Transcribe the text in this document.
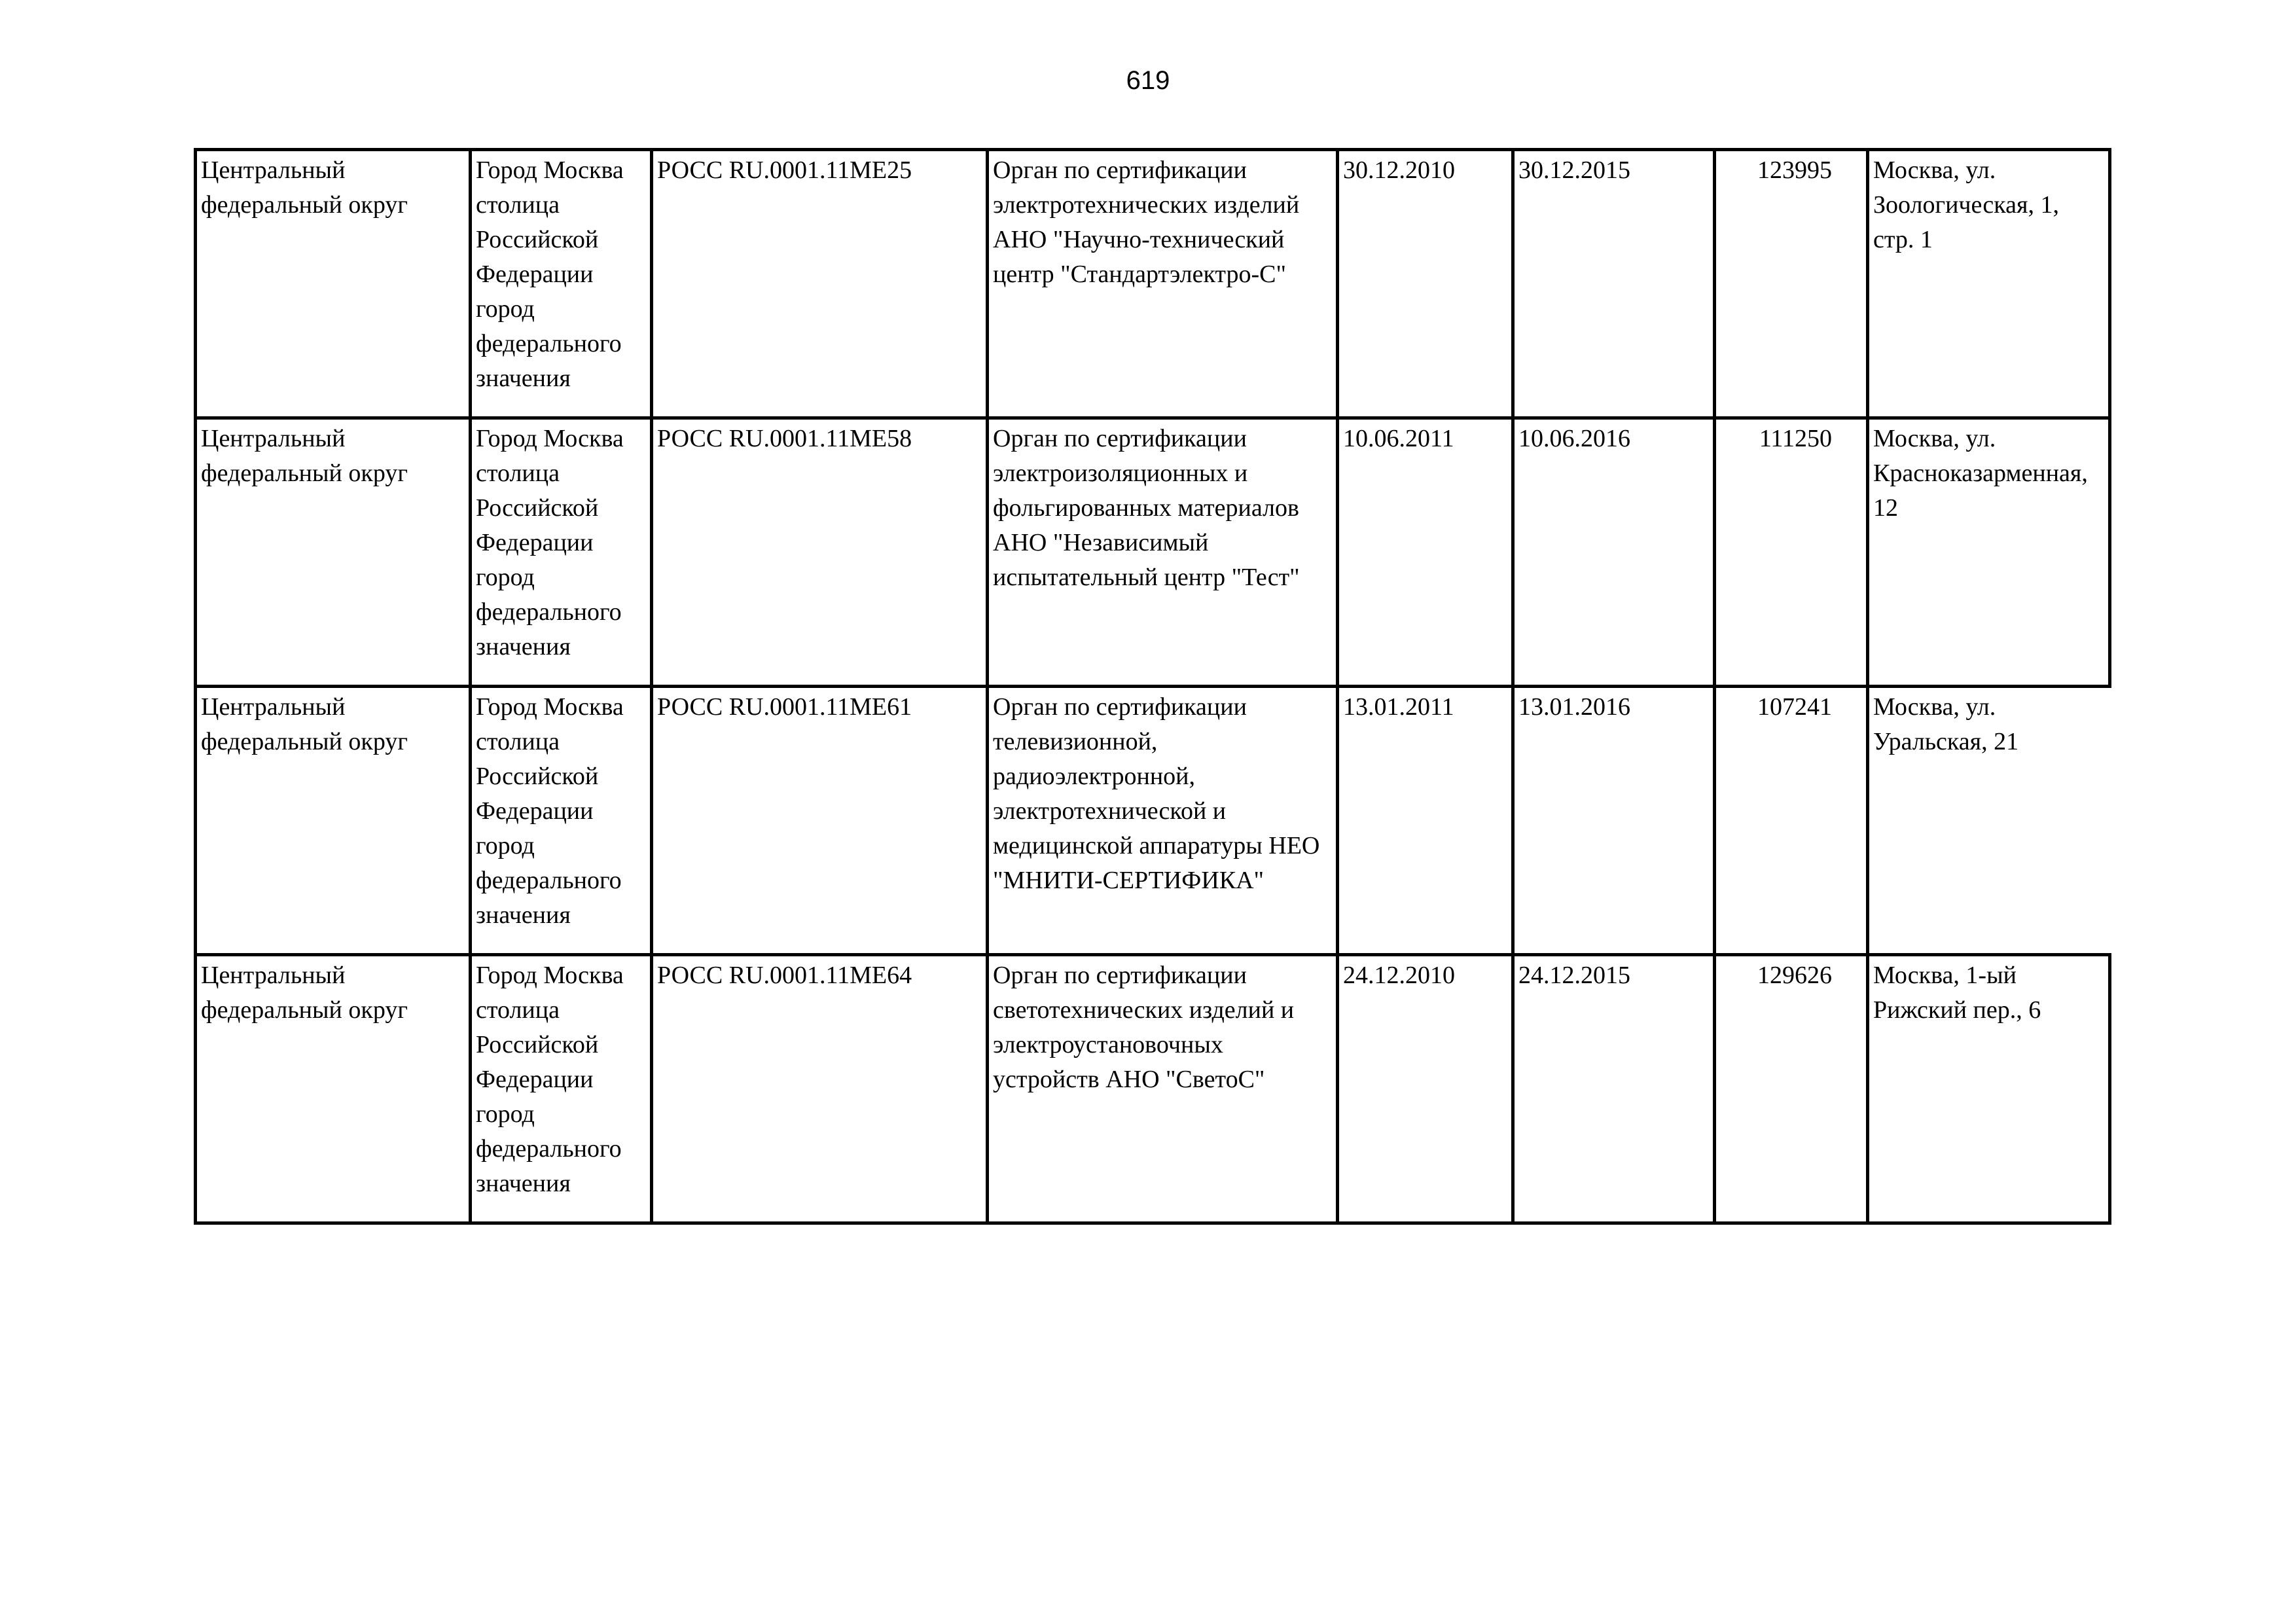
619
Центральный федеральный округ	Город Москва столица Российской Федерации город федерального значения	РОСС RU.0001.11МЕ25	Орган по сертификации электротехнических изделий АНО "Научно-технический центр "Стандартэлектро-С"	30.12.2010	30.12.2015	123995	Москва, ул. Зоологическая, 1, стр. 1

Центральный федеральный округ	Город Москва столица Российской Федерации город федерального значения	РОСС RU.0001.11МЕ58	Орган по сертификации электроизоляционных и фольгированных материалов АНО "Независимый испытательный центр "Тест"	10.06.2011	10.06.2016	111250	Москва, ул. Краснoказарменная, 12

Центральный федеральный округ	Город Москва столица Российской Федерации город федерального значения	РОСС RU.0001.11МЕ61	Орган по сертификации телевизионной, радиоэлектронной, электротехнической и медицинской аппаратуры НЕО "МНИТИ-СЕРТИФИКА"	13.01.2011	13.01.2016	107241	Москва, ул. Уральская, 21

Центральный федеральный округ	Город Москва столица Российской Федерации город федерального значения	РОСС RU.0001.11МЕ64	Орган по сертификации светотехнических изделий и электроустановочных устройств АНО "СветоС"	24.12.2010	24.12.2015	129626	Москва, 1-ый Рижский пер., 6
